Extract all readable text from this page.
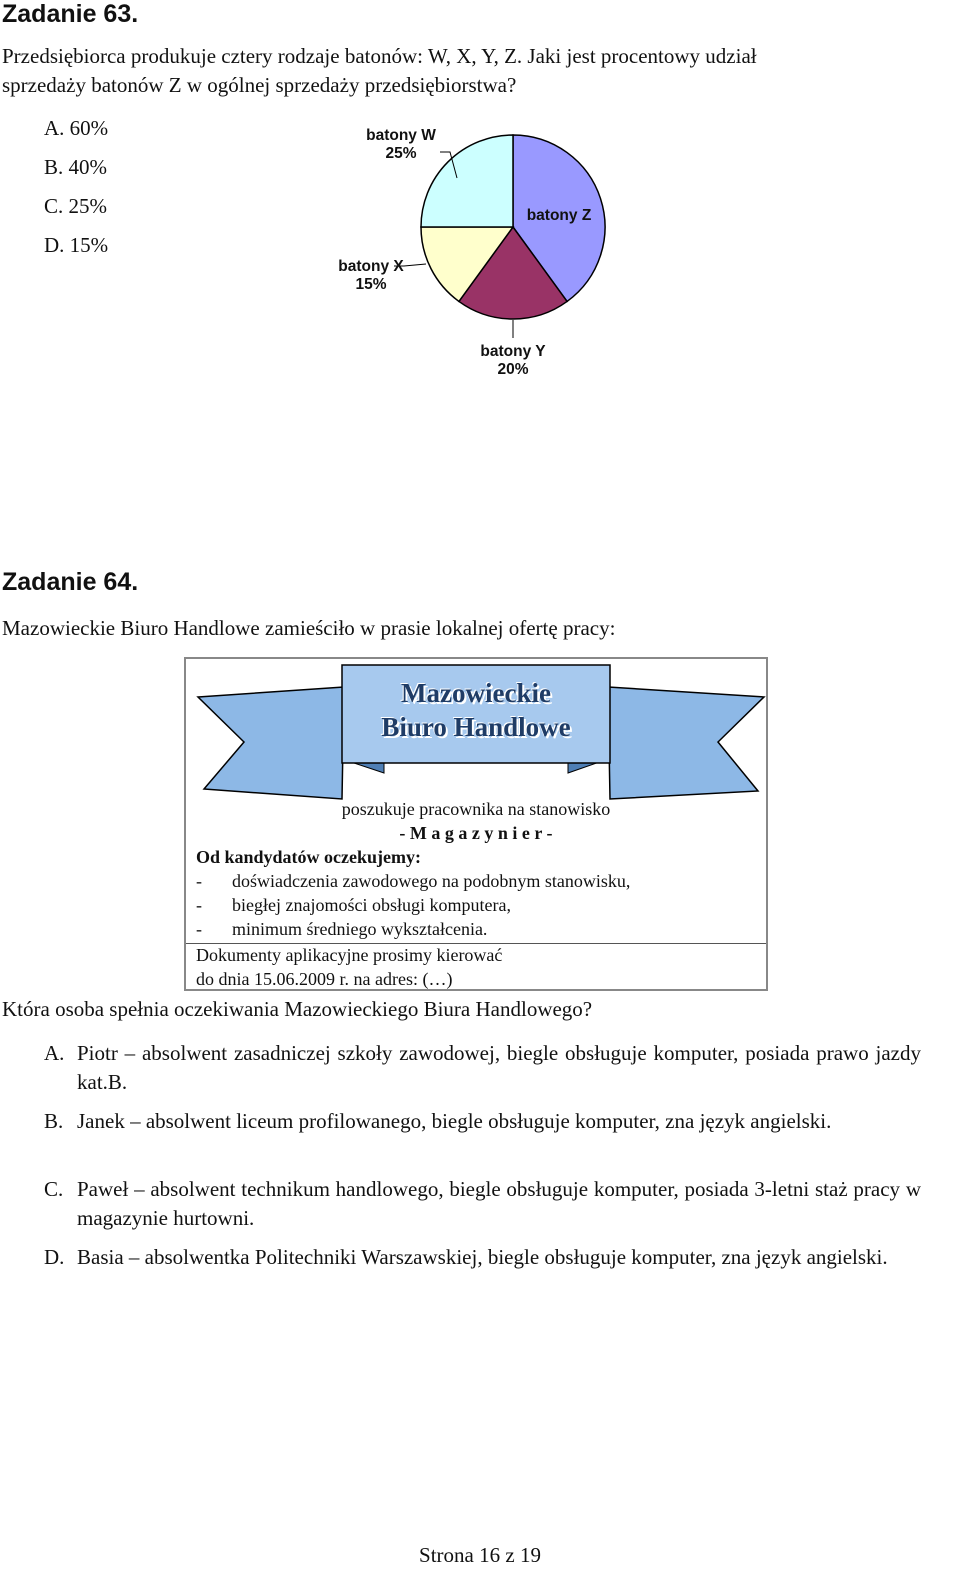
Zadanie 63.
Przedsiębiorca produkuje cztery rodzaje batonów: W, X, Y, Z. Jaki jest procentowy udział
sprzedaży batonów Z w ogólnej sprzedaży przedsiębiorstwa?
A. 60%
B. 40%
C. 25%
D. 15%
batony W
25%
batony Z
batony X
15%
batony Y
20%
Zadanie 64.
Mazowieckie Biuro Handlowe zamieściło w prasie lokalnej ofertę pracy:
Mazowieckie
Biuro Handlowe
poszukuje pracownika na stanowisko
- M a g a z y n i e r -
Od kandydatów oczekujemy:
- doświadczenia zawodowego na podobnym stanowisku,
- biegłej znajomości obsługi komputera,
- minimum średniego wykształcenia.
Dokumenty aplikacyjne prosimy kierować
do dnia 15.06.2009 r. na adres: (…)
Która osoba spełnia oczekiwania Mazowieckiego Biura Handlowego?
A. Piotr – absolwent zasadniczej szkoły zawodowej, biegle obsługuje komputer, posiada prawo jazdy kat.B.
B. Janek – absolwent liceum profilowanego, biegle obsługuje komputer, zna język angielski.
C. Paweł – absolwent technikum handlowego, biegle obsługuje komputer, posiada 3-letni staż pracy w magazynie hurtowni.
D. Basia – absolwentka Politechniki Warszawskiej, biegle obsługuje komputer, zna język angielski.
Strona 16 z 19
